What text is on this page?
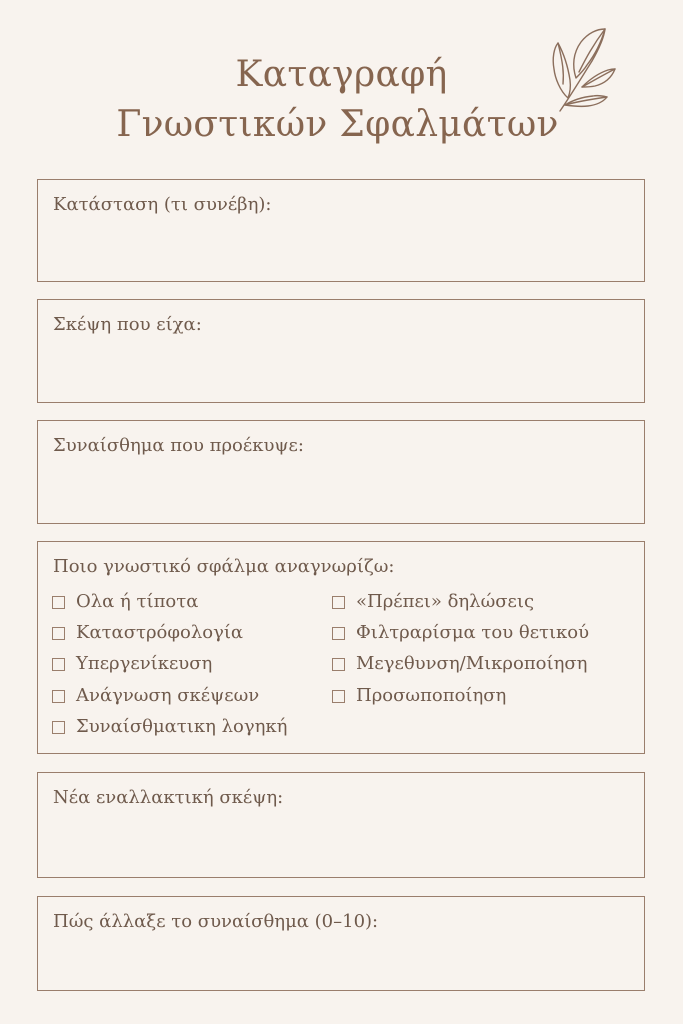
Καταγραφή
Γνωστικών Σφαλμάτων
Κατάσταση (τι συνέβη):
Σκέψη που είχα:
Συναίσθημα που προέκυψε:
Ποιο γνωστικό σφάλμα αναγνωρίζω:
Ολα ή τίποτα
Καταστρόφολογία
Υπεργενίκευση
Ανάγνωση σκέψεων
Συναίσθματικη λογηκή
«Πρέπει» δηλώσεις
Φιλτραρίσμα του θετικού
Μεγεθυνση/Μικροποίηση
Προσωποποίηση
Νέα εναλλακτική σκέψη:
Πώς άλλαξε το συναίσθημα (0–10):
